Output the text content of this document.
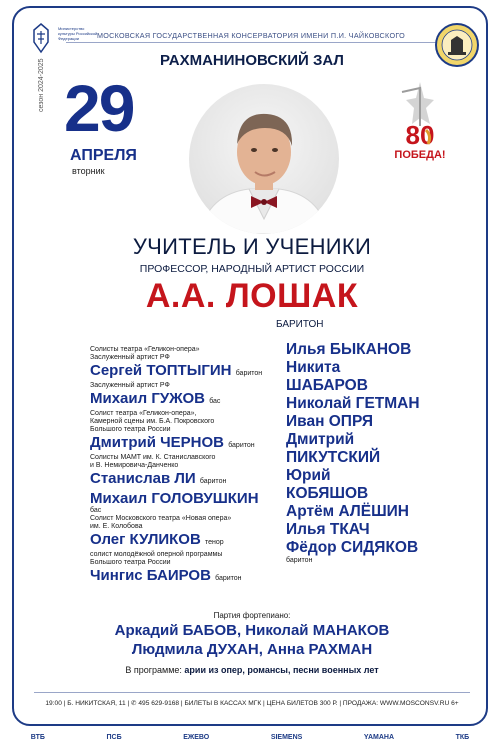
Министерство культуры Российской Федерации	МОСКОВСКАЯ ГОСУДАРСТВЕННАЯ КОНСЕРВАТОРИЯ ИМЕНИ П.И. ЧАЙКОВСКОГО
РАХМАНИНОВСКИЙ ЗАЛ
сезон 2024-2025 29
АПРЕЛЯ
вторник
80
ПОБЕДА!
УЧИТЕЛЬ И УЧЕНИКИ
ПРОФЕССОР, НАРОДНЫЙ АРТИСТ РОССИИ
А.А. ЛОШАК
БАРИТОН
Солисты театра «Геликон-опера»
Заслуженный артист РФ
Сергей ТОПТЫГИН баритон
Заслуженный артист РФ
Михаил ГУЖОВ бас
Солист театра «Геликон-опера»,
Камерной сцены им. Б.А. Покровского
Большого театра России
Дмитрий ЧЕРНОВ баритон
Солисты МАМТ им. К. Станиславского
и В. Немировича-Данченко
Станислав ЛИ баритон
Михаил ГОЛОВУШКИН
бас
Солист Московского театра «Новая опера»
им. Е. Колобова
Олег КУЛИКОВ тенор
солист молодёжной оперной программы
Большого театра России
Чингис БАИРОВ баритон
Илья БЫКАНОВ
Никита
ШАБАРОВ
Николай ГЕТМАН
Иван ОПРЯ
Дмитрий
ПИКУТСКИЙ
Юрий
КОБЯШОВ
Артём АЛЁШИН
Илья ТКАЧ
Фёдор СИДЯКОВ
баритон
Партия фортепиано:
Аркадий БАБОВ, Николай МАНАКОВ
Людмила ДУХАН, Анна РАХМАН
В программе: арии из опер, романсы, песни военных лет
19:00 | Б. НИКИТСКАЯ, 11 | ✆ 495 629-9168 | БИЛЕТЫ В КАССАХ МГК | ЦЕНА БИЛЕТОВ 300 Р. | ПРОДАЖА: WWW.MOSCONSV.RU 6+
ВТБ	ПСБ	ЕЖЕВО	SIEMENS	YAMAHA	ТКБ
